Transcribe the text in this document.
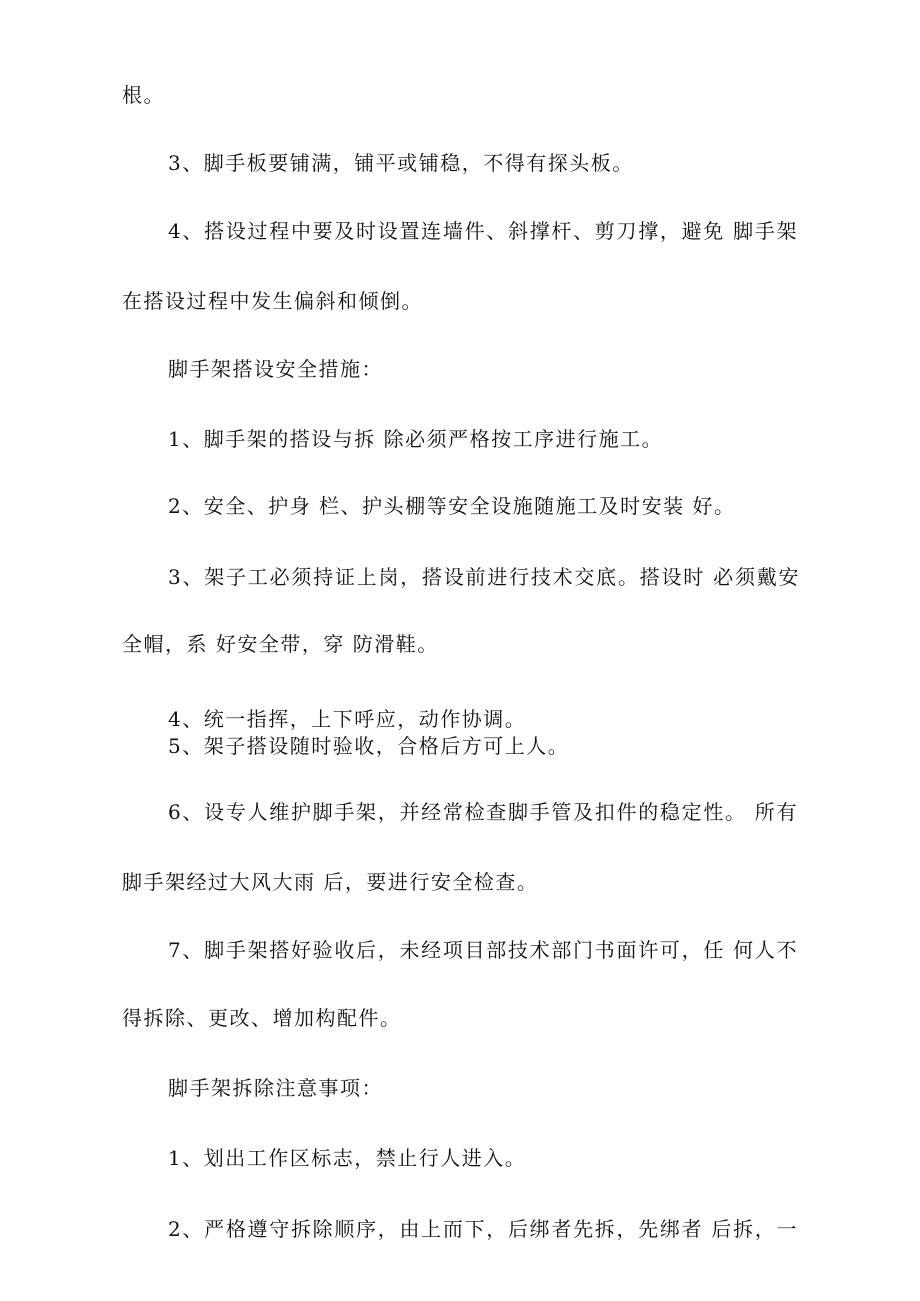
根。
3、脚手板要铺满，铺平或铺稳，不得有探头板。
4、搭设过程中要及时设置连墙件、斜撑杆、剪刀撑，避免 脚手架
在搭设过程中发生偏斜和倾倒。
脚手架搭设安全措施：
1、脚手架的搭设与拆 除必须严格按工序进行施工。
2、安全、护身 栏、护头棚等安全设施随施工及时安装 好。
3、架子工必须持证上岗，搭设前进行技术交底。搭设时 必须戴安
全帽，系 好安全带，穿 防滑鞋。
4、统一指挥，上下呼应，动作协调。
5、架子搭设随时验收，合格后方可上人。
6、设专人维护脚手架，并经常检查脚手管及扣件的稳定性。 所有
脚手架经过大风大雨 后，要进行安全检查。
7、脚手架搭好验收后，未经项目部技术部门书面许可，任 何人不
得拆除、更改、增加构配件。
脚手架拆除注意事项：
1、划出工作区标志，禁止行人进入。
2、严格遵守拆除顺序，由上而下，后绑者先拆，先绑者 后拆，一
